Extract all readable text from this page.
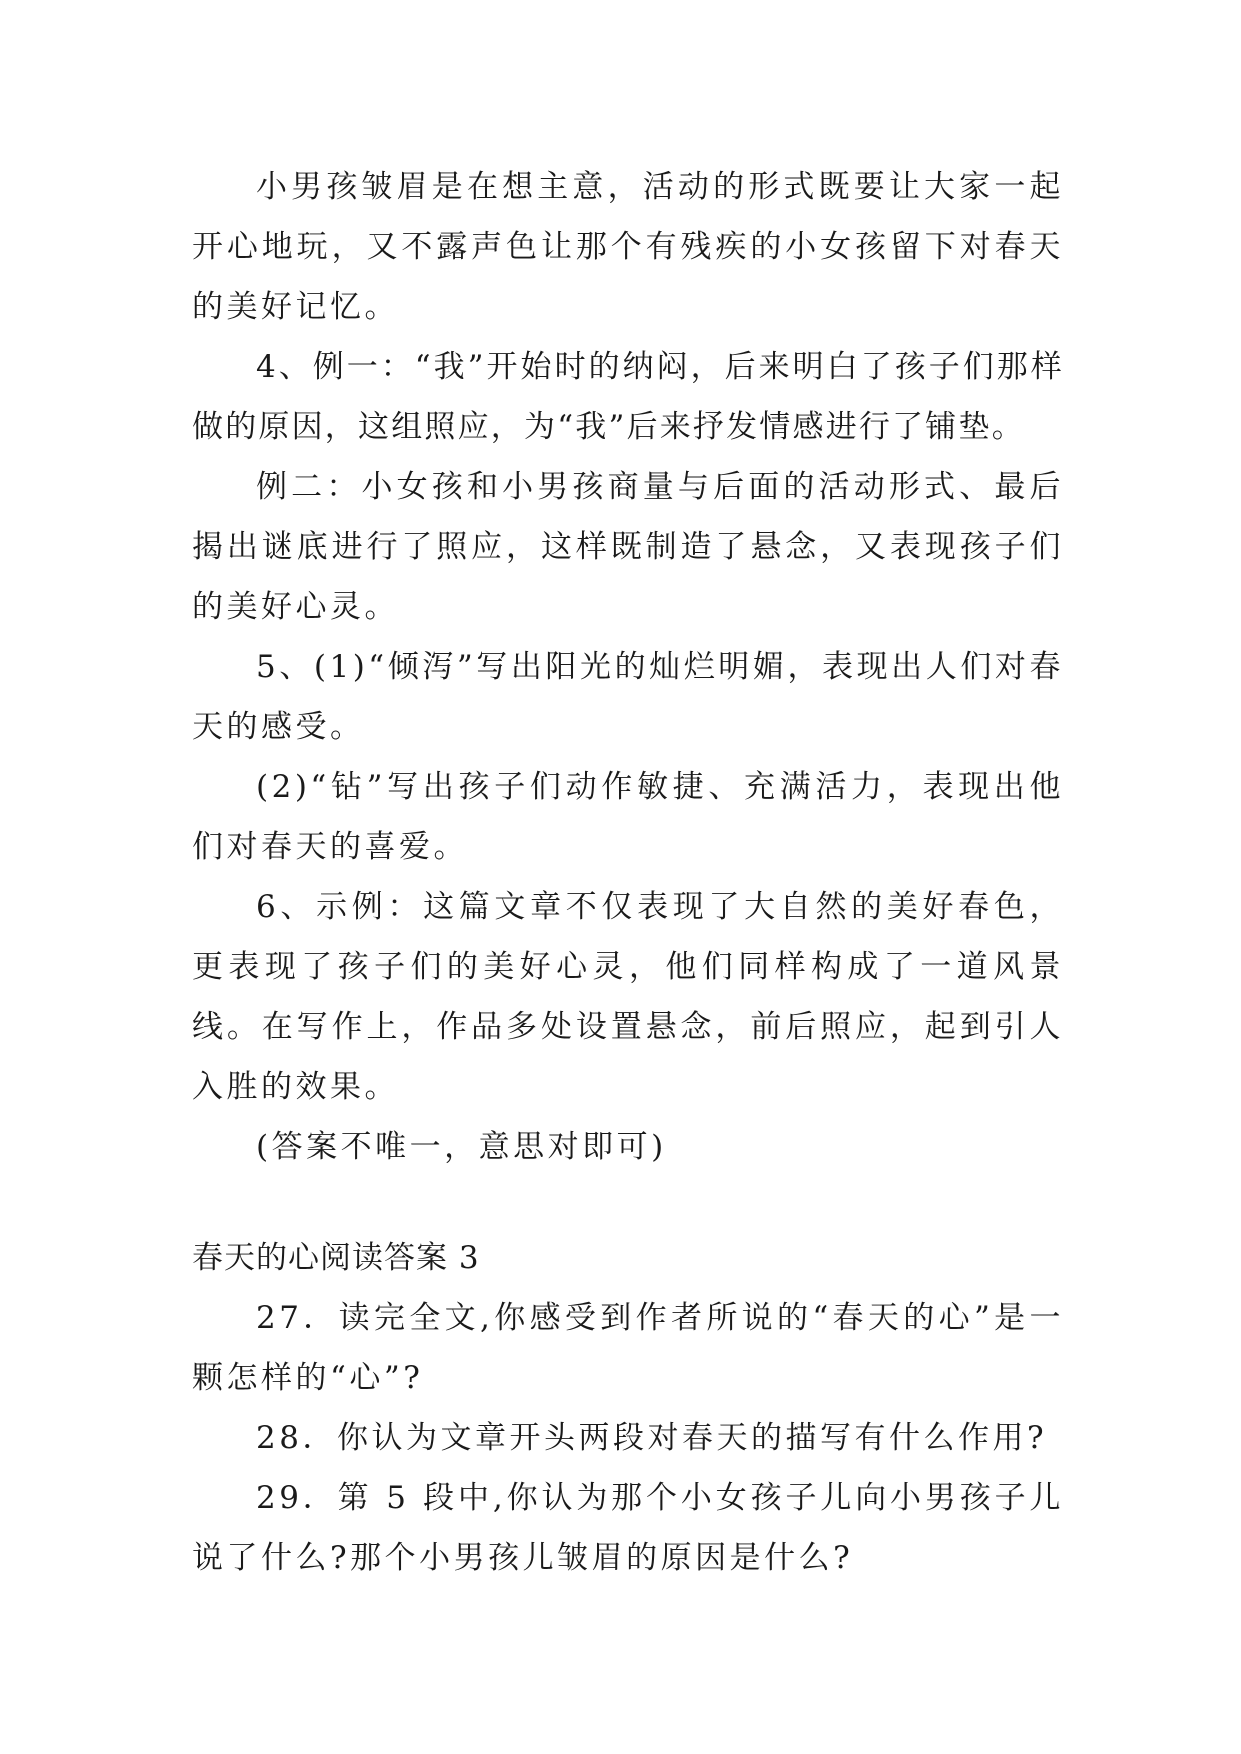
小男孩皱眉是在想主意，活动的形式既要让大家一起开心地玩，又不露声色让那个有残疾的小女孩留下对春天的美好记忆。

4、例一：“我”开始时的纳闷，后来明白了孩子们那样做的原因，这组照应，为“我”后来抒发情感进行了铺垫。

例二：小女孩和小男孩商量与后面的活动形式、最后揭出谜底进行了照应，这样既制造了悬念，又表现孩子们的美好心灵。

5、(1)“倾泻”写出阳光的灿烂明媚，表现出人们对春天的感受。

(2)“钻”写出孩子们动作敏捷、充满活力，表现出他们对春天的喜爱。

6、示例：这篇文章不仅表现了大自然的美好春色，更表现了孩子们的美好心灵，他们同样构成了一道风景线。在写作上，作品多处设置悬念，前后照应，起到引人入胜的效果。

(答案不唯一，意思对即可)

春天的心阅读答案 3

27．读完全文,你感受到作者所说的“春天的心”是一颗怎样的“心”?

28．你认为文章开头两段对春天的描写有什么作用?

29．第 5 段中,你认为那个小女孩子儿向小男孩子儿说了什么?那个小男孩儿皱眉的原因是什么?
